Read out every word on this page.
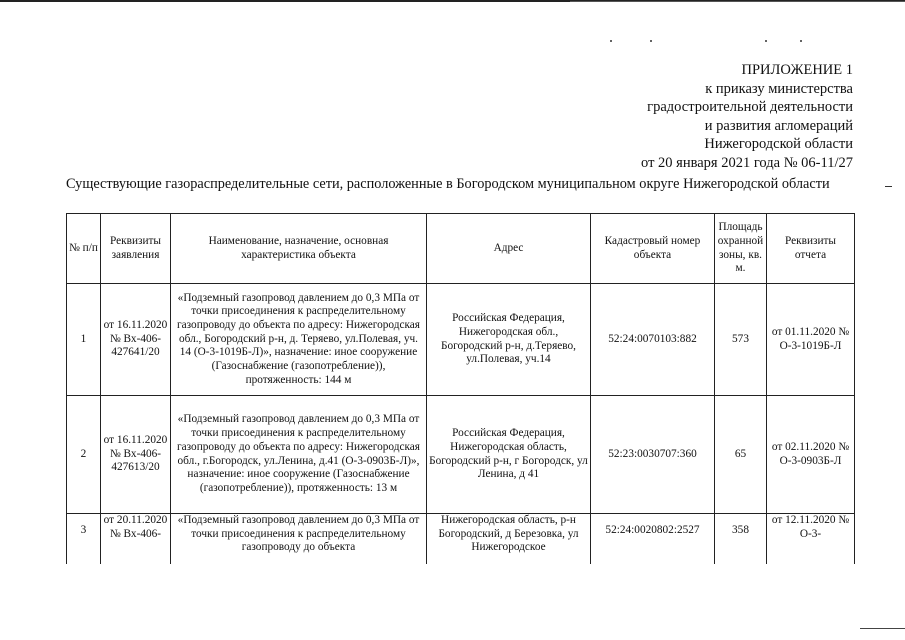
ПРИЛОЖЕНИЕ 1
к приказу министерства
градостроительной деятельности
и развития агломераций
Нижегородской области
от 20 января 2021 года № 06-11/27
Существующие газораспределительные сети, расположенные в Богородском муниципальном округе Нижегородской области
№ п/п	Реквизиты заявления	Наименование, назначение, основная характеристика объекта	Адрес	Кадастровый номер объекта	Площадь охранной зоны, кв. м.	Реквизиты отчета
1	от 16.11.2020 № Вх-406-427641/20	«Подземный газопровод давлением до 0,3 МПа от точки присоединения к распределительному газопроводу до объекта по адресу: Нижегородская обл., Богородский р-н, д. Теряево, ул.Полевая, уч. 14 (О-3-1019Б-Л)», назначение: иное сооружение (Газоснабжение (газопотребление)), протяженность: 144 м	Российская Федерация, Нижегородская обл., Богородский р-н, д.Теряево, ул.Полевая, уч.14	52:24:0070103:882	573	от 01.11.2020 № О-3-1019Б-Л
2	от 16.11.2020 № Вх-406-427613/20	«Подземный газопровод давлением до 0,3 МПа от точки присоединения к распределительному газопроводу до объекта по адресу: Нижегородская обл., г.Богородск, ул.Ленина, д.41 (О-3-0903Б-Л)», назначение: иное сооружение (Газоснабжение (газопотребление)), протяженность: 13 м	Российская Федерация, Нижегородская область, Богородский р-н, г Богородск, ул Ленина, д 41	52:23:0030707:360	65	от 02.11.2020 № О-3-0903Б-Л
3	от 20.11.2020 № Вх-406-	«Подземный газопровод давлением до 0,3 МПа от точки присоединения к распределительному газопроводу до объекта	Нижегородская область, р-н Богородский, д Березовка, ул Нижегородское	52:24:0020802:2527	358	от 12.11.2020 № О-3-
